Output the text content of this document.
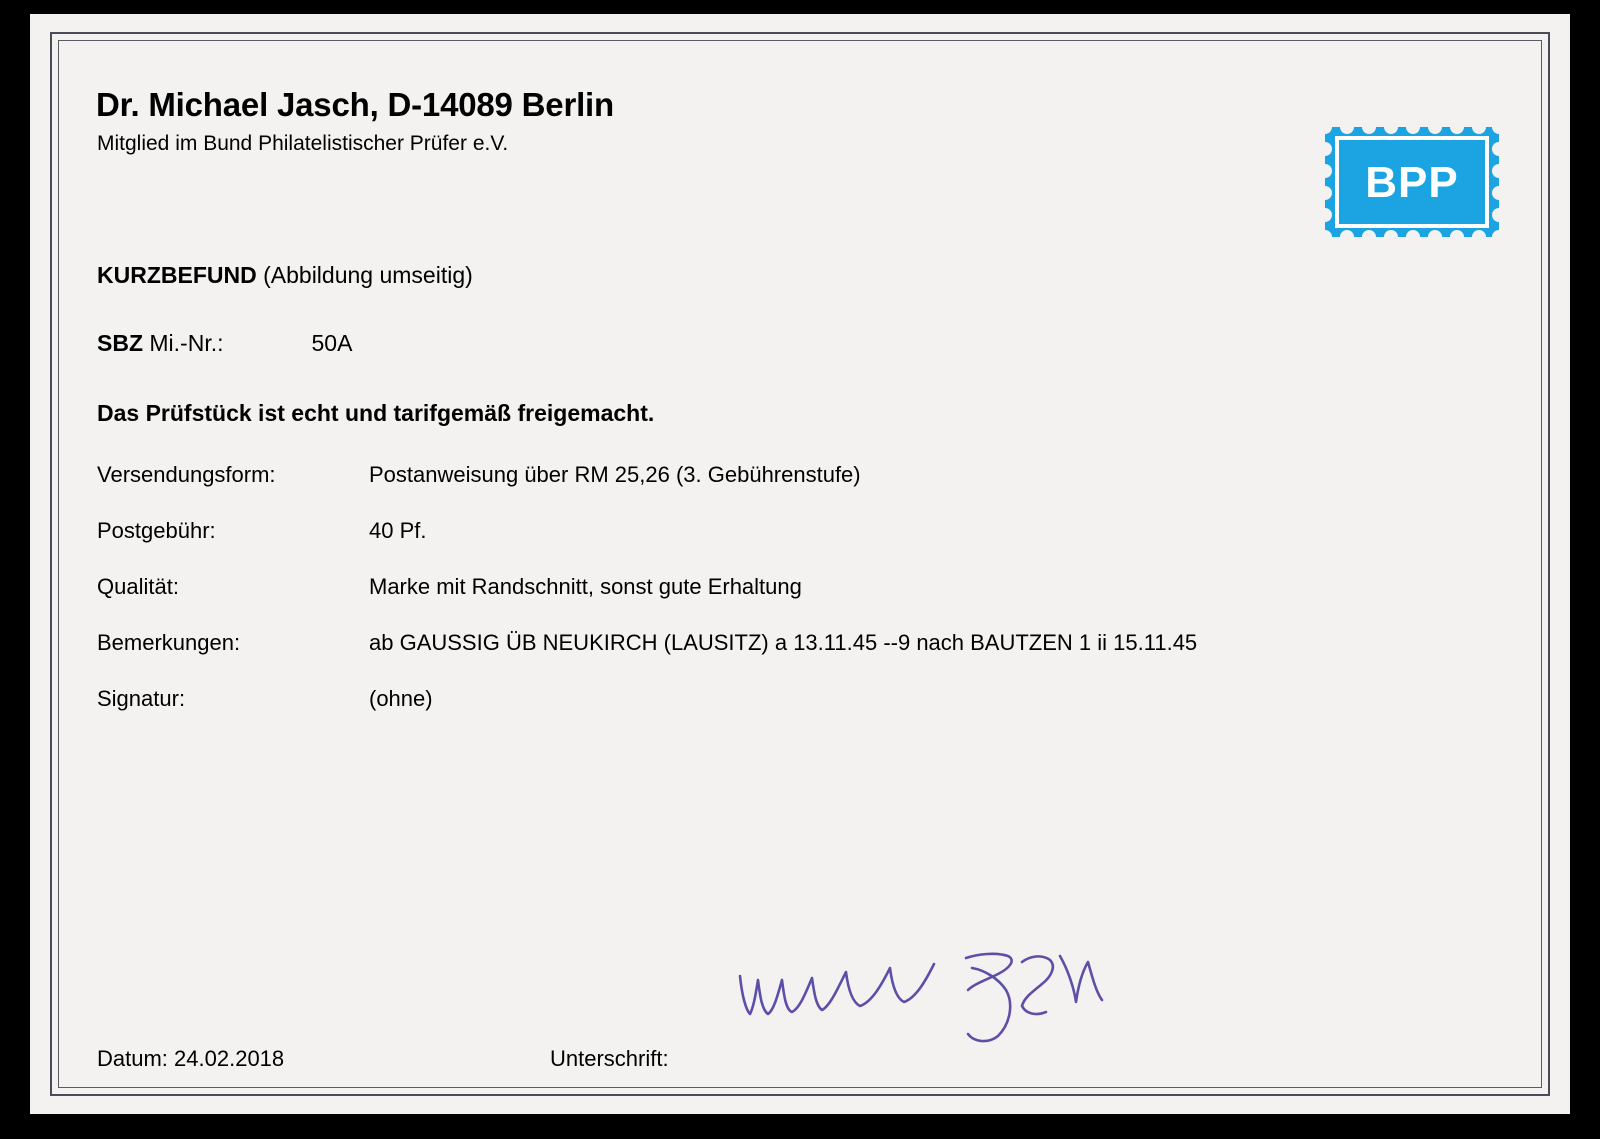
Dr. Michael Jasch, D-14089 Berlin
Mitglied im Bund Philatelistischer Prüfer e.V.
BPP
KURZBEFUND (Abbildung umseitig)
SBZ Mi.-Nr.:	50A
Das Prüfstück ist echt und tarifgemäß freigemacht.
Versendungsform:	Postanweisung über RM 25,26 (3. Gebührenstufe)
Postgebühr:	40 Pf.
Qualität:	Marke mit Randschnitt, sonst gute Erhaltung
Bemerkungen:	ab GAUSSIG ÜB NEUKIRCH (LAUSITZ) a 13.11.45 --9 nach BAUTZEN 1 ii 15.11.45
Signatur:	(ohne)
Datum: 24.02.2018	Unterschrift:
